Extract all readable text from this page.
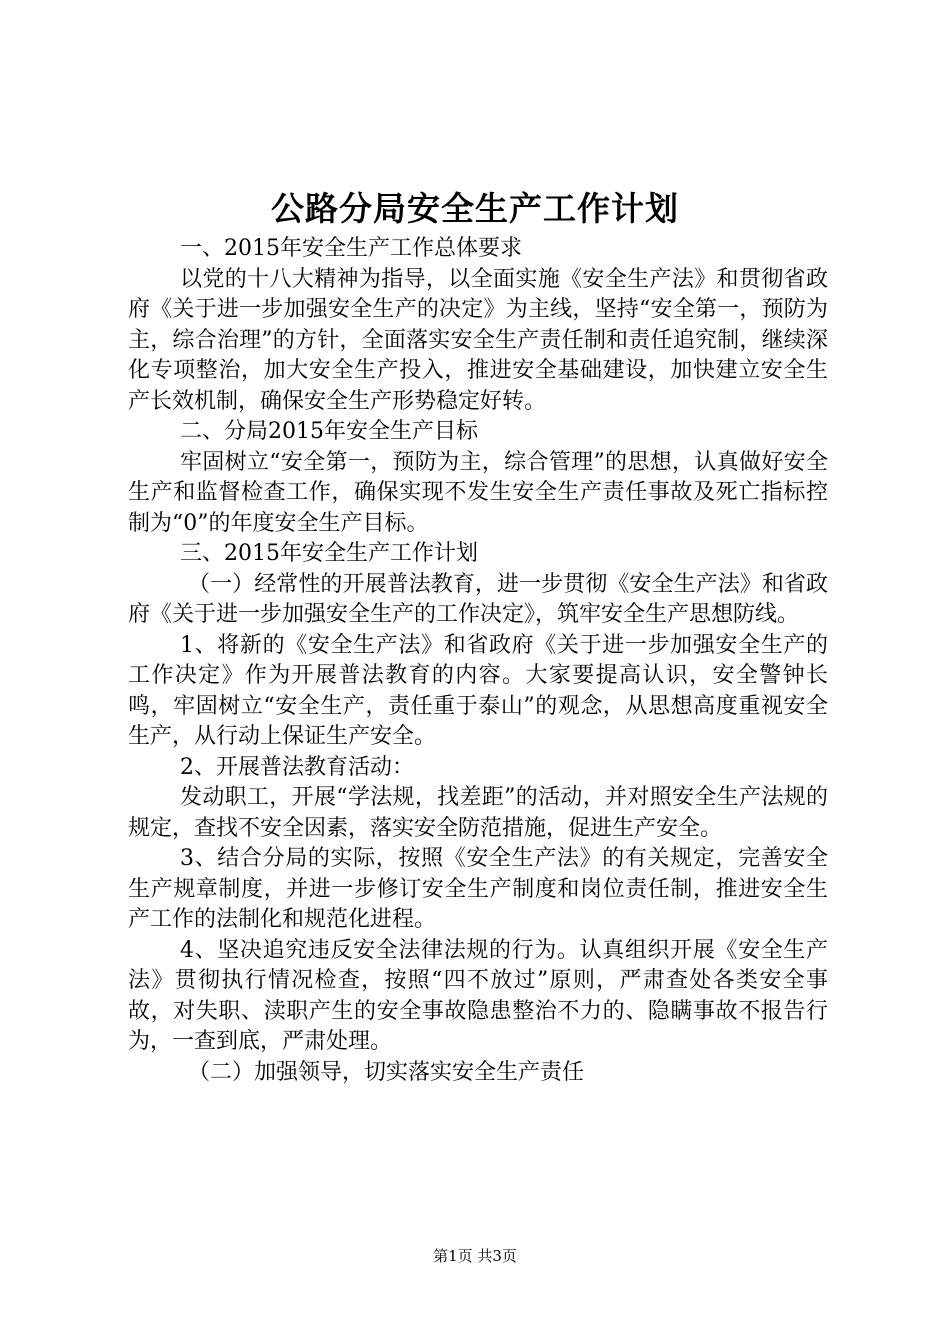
公路分局安全生产工作计划

一、2015年安全生产工作总体要求

以党的十八大精神为指导，以全面实施《安全生产法》和贯彻省政府《关于进一步加强安全生产的决定》为主线，坚持“安全第一，预防为主，综合治理”的方针，全面落实安全生产责任制和责任追究制，继续深化专项整治，加大安全生产投入，推进安全基础建设，加快建立安全生产长效机制，确保安全生产形势稳定好转。

二、分局2015年安全生产目标

牢固树立“安全第一，预防为主，综合管理”的思想，认真做好安全生产和监督检查工作，确保实现不发生安全生产责任事故及死亡指标控制为“0”的年度安全生产目标。

三、2015年安全生产工作计划

（一）经常性的开展普法教育，进一步贯彻《安全生产法》和省政府《关于进一步加强安全生产的工作决定》，筑牢安全生产思想防线。

1、将新的《安全生产法》和省政府《关于进一步加强安全生产的工作决定》作为开展普法教育的内容。大家要提高认识，安全警钟长鸣，牢固树立“安全生产，责任重于泰山”的观念，从思想高度重视安全生产，从行动上保证生产安全。

2、开展普法教育活动：

发动职工，开展“学法规，找差距”的活动，并对照安全生产法规的规定，查找不安全因素，落实安全防范措施，促进生产安全。

3、结合分局的实际，按照《安全生产法》的有关规定，完善安全生产规章制度，并进一步修订安全生产制度和岗位责任制，推进安全生产工作的法制化和规范化进程。

4、坚决追究违反安全法律法规的行为。认真组织开展《安全生产法》贯彻执行情况检查，按照“四不放过”原则，严肃查处各类安全事故，对失职、渎职产生的安全事故隐患整治不力的、隐瞒事故不报告行为，一查到底，严肃处理。

（二）加强领导，切实落实安全生产责任

第1页 共3页
